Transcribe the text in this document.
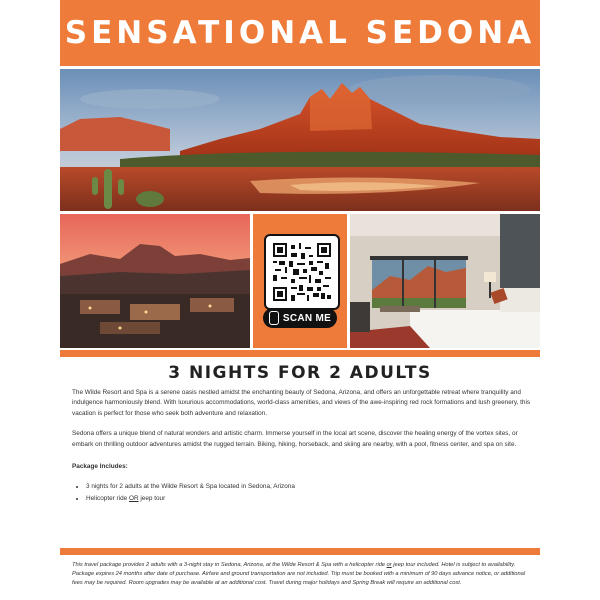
SENSATIONAL SEDONA
SCAN ME
3 NIGHTS FOR 2 ADULTS

The Wilde Resort and Spa is a serene oasis nestled amidst the enchanting beauty of Sedona, Arizona, and offers an unforgettable retreat where tranquility and indulgence harmoniously blend. With luxurious accommodations, world-class amenities, and views of the awe-inspiring red rock formations and lush greenery, this vacation is perfect for those who seek both adventure and relaxation.

Sedona offers a unique blend of natural wonders and artistic charm. Immerse yourself in the local art scene, discover the healing energy of the vortex sites, or embark on thrilling outdoor adventures amidst the rugged terrain. Biking, hiking, horseback, and skiing are nearby, with a pool, fitness center, and spa on site.

Package Includes:

• 3 nights for 2 adults at the Wilde Resort & Spa located in Sedona, Arizona
• Helicopter ride OR jeep tour
This travel package provides 2 adults with a 3-night stay in Sedona, Arizona, at the Wilde Resort & Spa with a helicopter ride or jeep tour included. Hotel is subject to availability. Package expires 24 months after date of purchase. Airfare and ground transportation are not included. Trip must be booked with a minimum of 90 days advance notice, or additional fees may be required. Room upgrades may be available at an additional cost. Travel during major holidays and Spring Break will require an additional cost.
